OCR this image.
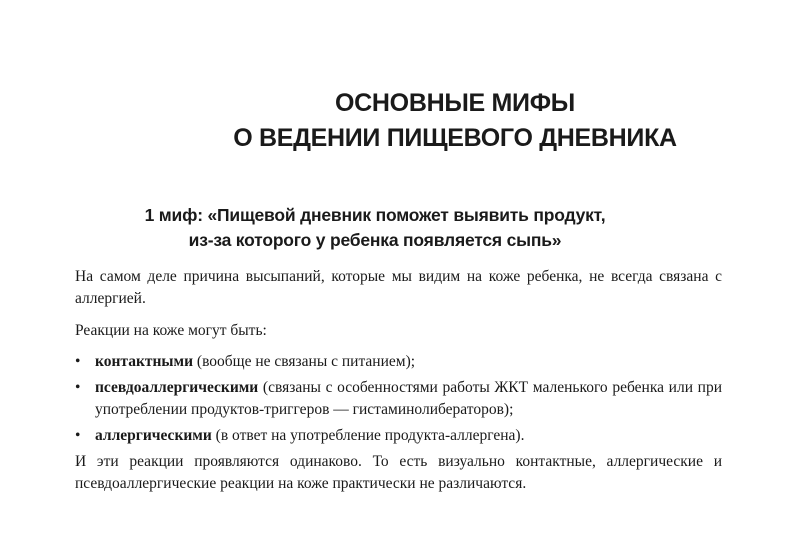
ОСНОВНЫЕ МИФЫ
О ВЕДЕНИИ ПИЩЕВОГО ДНЕВНИКА
1 миф: «Пищевой дневник поможет выявить продукт,
из-за которого у ребенка появляется сыпь»

На самом деле причина высыпаний, которые мы видим на коже ребенка, не всегда связана с аллергией.

Реакции на коже могут быть:

• контактными (вообще не связаны с питанием);
• псевдоаллергическими (связаны с особенностями работы ЖКТ маленького ребенка или при употреблении продуктов-триггеров — гистаминолибераторов);
• аллергическими (в ответ на употребление продукта-аллергена).

И эти реакции проявляются одинаково. То есть визуально контактные, аллергические и псевдоаллергические реакции на коже практически не различаются.
